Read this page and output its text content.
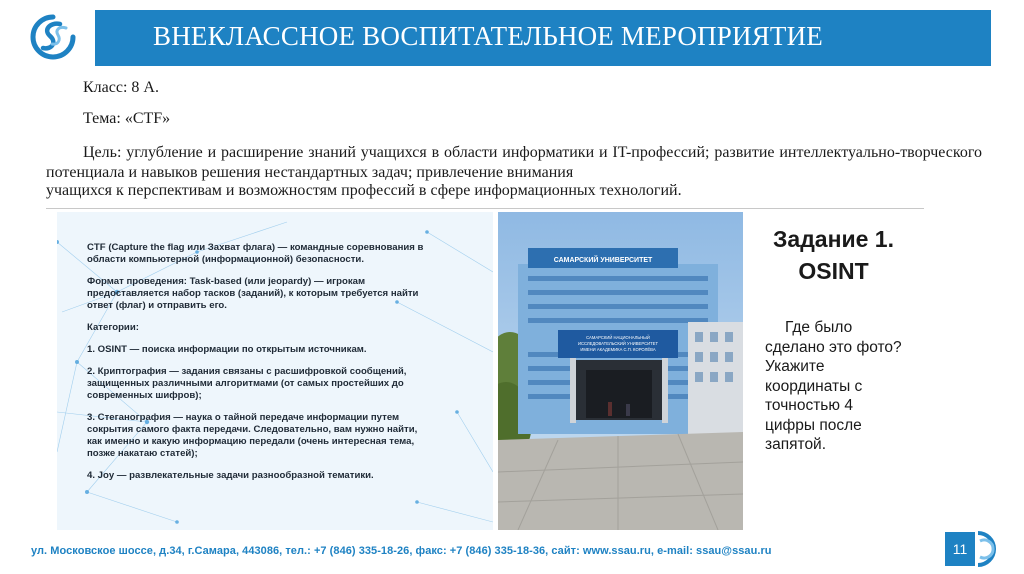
ВНЕКЛАССНОЕ ВОСПИТАТЕЛЬНОЕ МЕРОПРИЯТИЕ
Класс: 8 А.
Тема: «CTF»
Цель: углубление и расширение знаний учащихся в области информатики и IT-профессий; развитие интеллектуально-творческого потенциала и навыков решения нестандартных задач; привлечение внимания
учащихся к перспективам и возможностям профессий в сфере информационных технологий.
CTF (Capture the flag или Захват флага) — командные соревнования в
области компьютерной (информационной) безопасности.
Формат проведения: Task-based (или jeopardy) — игрокам
предоставляется набор тасков (заданий), к которым требуется найти
ответ (флаг) и отправить его.
Категории:
1. OSINT — поиска информации по открытым источникам.
2. Криптография — задания связаны с расшифровкой сообщений,
защищенных различными алгоритмами (от самых простейших до
современных шифров);
3. Стеганография — наука о тайной передаче информации путем
сокрытия самого факта передачи. Следовательно, вам нужно найти,
как именно и какую информацию передали (очень интересная тема,
позже накатаю статей);
4. Joy — развлекательные задачи разнообразной тематики.
САМАРСКИЙ УНИВЕРСИТЕТ
САМАРСКИЙ НАЦИОНАЛЬНЫЙ
ИССЛЕДОВАТЕЛЬСКИЙ УНИВЕРСИТЕТ
ИМЕНИ АКАДЕМИКА С.П. КОРОЛЁВА
Задание 1.
OSINT
Где было
сделано это фото?
Укажите
координаты с
точностью 4
цифры после
запятой.
ул. Московское шоссе, д.34, г.Самара, 443086, тел.: +7 (846) 335-18-26, факс: +7 (846) 335-18-36, сайт: www.ssau.ru, e-mail: ssau@ssau.ru	11
